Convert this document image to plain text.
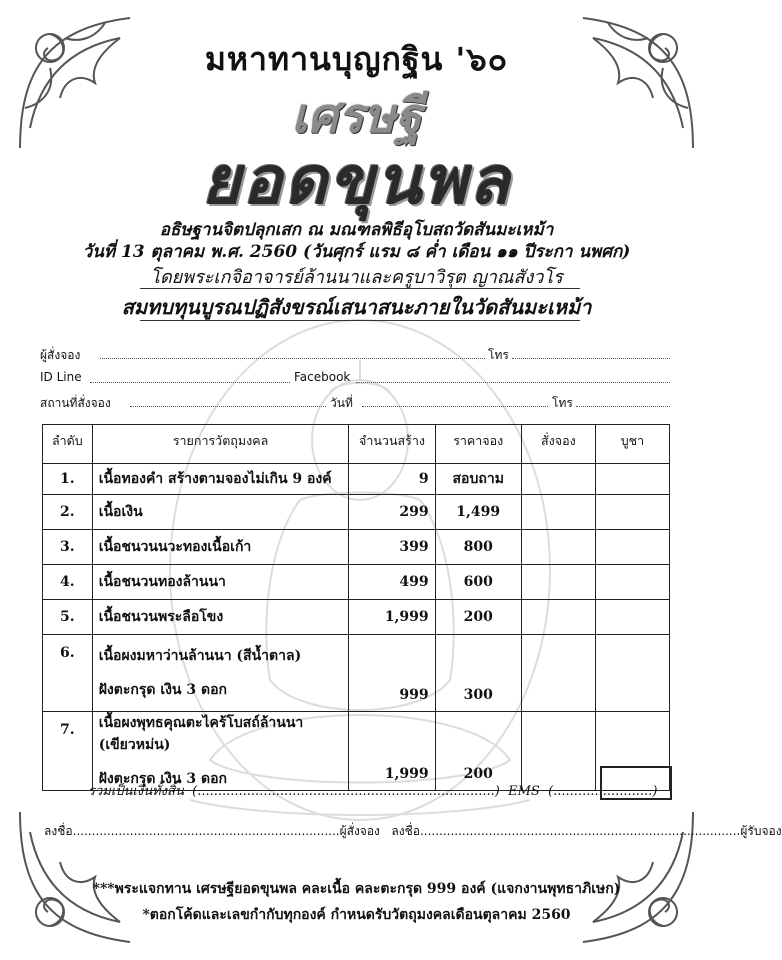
มหาทานบุญกฐิน '๖๐
เศรษฐี
ยอดขุนพล
อธิษฐานจิตปลุกเสก ณ มณฑลพิธีอุโบสถวัดสันมะเหม้า
วันที่ 13 ตุลาคม พ.ศ. 2560 (วันศุกร์ แรม ๘ ค่ำ เดือน ๑๑ ปีระกา นพศก)
โดยพระเกจิอาจารย์ล้านนาและครูบาวิรุต ญาณสังวโร
สมทบทุนบูรณปฏิสังขรณ์เสนาสนะภายในวัดสันมะเหม้า
ผู้สั่งจอง	โทร
ID Line	Facebook
สถานที่สั่งจอง	วันที่	โทร
ลำดับ	รายการวัตถุมงคล	จำนวนสร้าง	ราคาจอง	สั่งจอง	บูชา
1.	เนื้อทองคำ สร้างตามจองไม่เกิน 9 องค์	9	สอบถาม		
2.	เนื้อเงิน	299	1,499		
3.	เนื้อชนวนนวะทองเนื้อเก้า	399	800		
4.	เนื้อชนวนทองล้านนา	499	600		
5.	เนื้อชนวนพระลือโขง	1,999	200		
6.	เนื้อผงมหาว่านล้านนา (สีน้ำตาล)
ฝังตะกรุด เงิน 3 ดอก	999	300		
7.	เนื้อผงพุทธคุณตะไคร้โบสถ์ล้านนา (เขียวหม่น)
ฝังตะกรุด เงิน 3 ดอก	1,999	200		
รวมเป็นเงินทั้งสิ้น  (........................................................................)  EMS  (........................)
ลงชื่อ......................................................................ผู้สั่งจอง ลงชื่อ....................................................................................ผู้รับจอง
***พระแจกทาน เศรษฐียอดขุนพล คละเนื้อ คละตะกรุด 999 องค์ (แจกงานพุทธาภิเษก)
*ตอกโค้ดและเลขกำกับทุกองค์ กำหนดรับวัตถุมงคลเดือนตุลาคม 2560
